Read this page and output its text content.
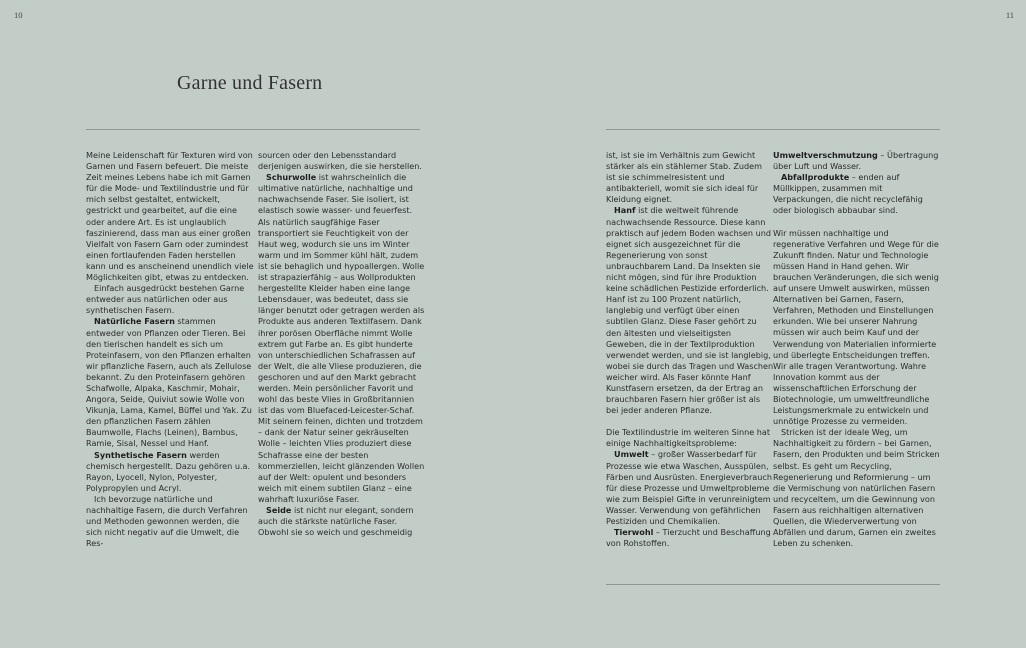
10	11
Garne und Fasern

Meine Leidenschaft für Texturen wird von Garnen und Fasern befeuert. Die meiste Zeit meines Lebens habe ich mit Garnen für die Mode- und Textilindustrie und für mich selbst gestaltet, entwickelt, gestrickt und gearbeitet, auf die eine oder andere Art. Es ist unglaublich faszinierend, dass man aus einer großen Vielfalt von Fasern Garn oder zumindest einen fortlaufenden Faden herstellen kann und es anscheinend unendlich viele Möglichkeiten gibt, etwas zu entdecken.

Einfach ausgedrückt bestehen Garne entweder aus natürlichen oder aus synthetischen Fasern.

Natürliche Fasern stammen entweder von Pflanzen oder Tieren. Bei den tierischen handelt es sich um Proteinfasern, von den Pflanzen erhalten wir pflanzliche Fasern, auch als Zellulose bekannt. Zu den Proteinfasern gehören Schafwolle, Alpaka, Kaschmir, Mohair, Angora, Seide, Quiviut sowie Wolle von Vikunja, Lama, Kamel, Büffel und Yak. Zu den pflanzlichen Fasern zählen Baumwolle, Flachs (Leinen), Bambus, Ramie, Sisal, Nessel und Hanf.

Synthetische Fasern werden chemisch hergestellt. Dazu gehören u.a. Rayon, Lyocell, Nylon, Polyester, Polypropylen und Acryl.

Ich bevorzuge natürliche und nachhaltige Fasern, die durch Verfahren und Methoden gewonnen werden, die sich nicht negativ auf die Umwelt, die Res-

sourcen oder den Lebensstandard derjenigen auswirken, die sie herstellen.

Schurwolle ist wahrscheinlich die ultimative natürliche, nachhaltige und nachwachsende Faser. Sie isoliert, ist elastisch sowie wasser- und feuerfest. Als natürlich saugfähige Faser transportiert sie Feuchtigkeit von der Haut weg, wodurch sie uns im Winter warm und im Sommer kühl hält, zudem ist sie behaglich und hypoallergen. Wolle ist strapazierfähig – aus Wollprodukten hergestellte Kleider haben eine lange Lebensdauer, was bedeutet, dass sie länger benutzt oder getragen werden als Produkte aus anderen Textilfasern. Dank ihrer porösen Oberfläche nimmt Wolle extrem gut Farbe an. Es gibt hunderte von unterschiedlichen Schafrassen auf der Welt, die alle Vliese produzieren, die geschoren und auf den Markt gebracht werden. Mein persönlicher Favorit und wohl das beste Vlies in Großbritannien ist das vom Bluefaced-Leicester-Schaf. Mit seinem feinen, dichten und trotzdem – dank der Natur seiner gekräuselten Wolle – leichten Vlies produziert diese Schafrasse eine der besten kommerziellen, leicht glänzenden Wollen auf der Welt: opulent und besonders weich mit einem subtilen Glanz – eine wahrhaft luxuriöse Faser.

Seide ist nicht nur elegant, sondern auch die stärkste natürliche Faser. Obwohl sie so weich und geschmeidig

ist, ist sie im Verhältnis zum Gewicht stärker als ein stählerner Stab. Zudem ist sie schimmelresistent und antibakteriell, womit sie sich ideal für Kleidung eignet.

Hanf ist die weltweit führende nachwachsende Ressource. Diese kann praktisch auf jedem Boden wachsen und eignet sich ausgezeichnet für die Regenerierung von sonst unbrauchbarem Land. Da Insekten sie nicht mögen, sind für ihre Produktion keine schädlichen Pestizide erforderlich. Hanf ist zu 100 Prozent natürlich, langlebig und verfügt über einen subtilen Glanz. Diese Faser gehört zu den ältesten und vielseitigsten Geweben, die in der Textilproduktion verwendet werden, und sie ist langlebig, wobei sie durch das Tragen und Waschen weicher wird. Als Faser könnte Hanf Kunstfasern ersetzen, da der Ertrag an brauchbaren Fasern hier größer ist als bei jeder anderen Pflanze.

Die Textilindustrie im weiteren Sinne hat einige Nachhaltigkeitsprobleme:

Umwelt – großer Wasserbedarf für Prozesse wie etwa Waschen, Ausspülen, Färben und Ausrüsten. Energieverbrauch für diese Prozesse und Umweltprobleme wie zum Beispiel Gifte in verunreinigtem Wasser. Verwendung von gefährlichen Pestiziden und Chemikalien.

Tierwohl – Tierzucht und Beschaffung von Rohstoffen.

Umweltverschmutzung – Übertragung über Luft und Wasser.

Abfallprodukte – enden auf Müllkippen, zusammen mit Verpackungen, die nicht recyclefähig oder biologisch abbaubar sind.

Wir müssen nachhaltige und regenerative Verfahren und Wege für die Zukunft finden. Natur und Technologie müssen Hand in Hand gehen. Wir brauchen Veränderungen, die sich wenig auf unsere Umwelt auswirken, müssen Alternativen bei Garnen, Fasern, Verfahren, Methoden und Einstellungen erkunden. Wie bei unserer Nahrung müssen wir auch beim Kauf und der Verwendung von Materialien informierte und überlegte Entscheidungen treffen. Wir alle tragen Verantwortung. Wahre Innovation kommt aus der wissenschaftlichen Erforschung der Biotechnologie, um umweltfreundliche Leistungsmerkmale zu entwickeln und unnötige Prozesse zu vermeiden.

Stricken ist der ideale Weg, um Nachhaltigkeit zu fördern – bei Garnen, Fasern, den Produkten und beim Stricken selbst. Es geht um Recycling, Regenerierung und Reformierung – um die Vermischung von natürlichen Fasern und recyceltem, um die Gewinnung von Fasern aus reichhaltigen alternativen Quellen, die Wiederverwertung von Abfällen und darum, Garnen ein zweites Leben zu schenken.
